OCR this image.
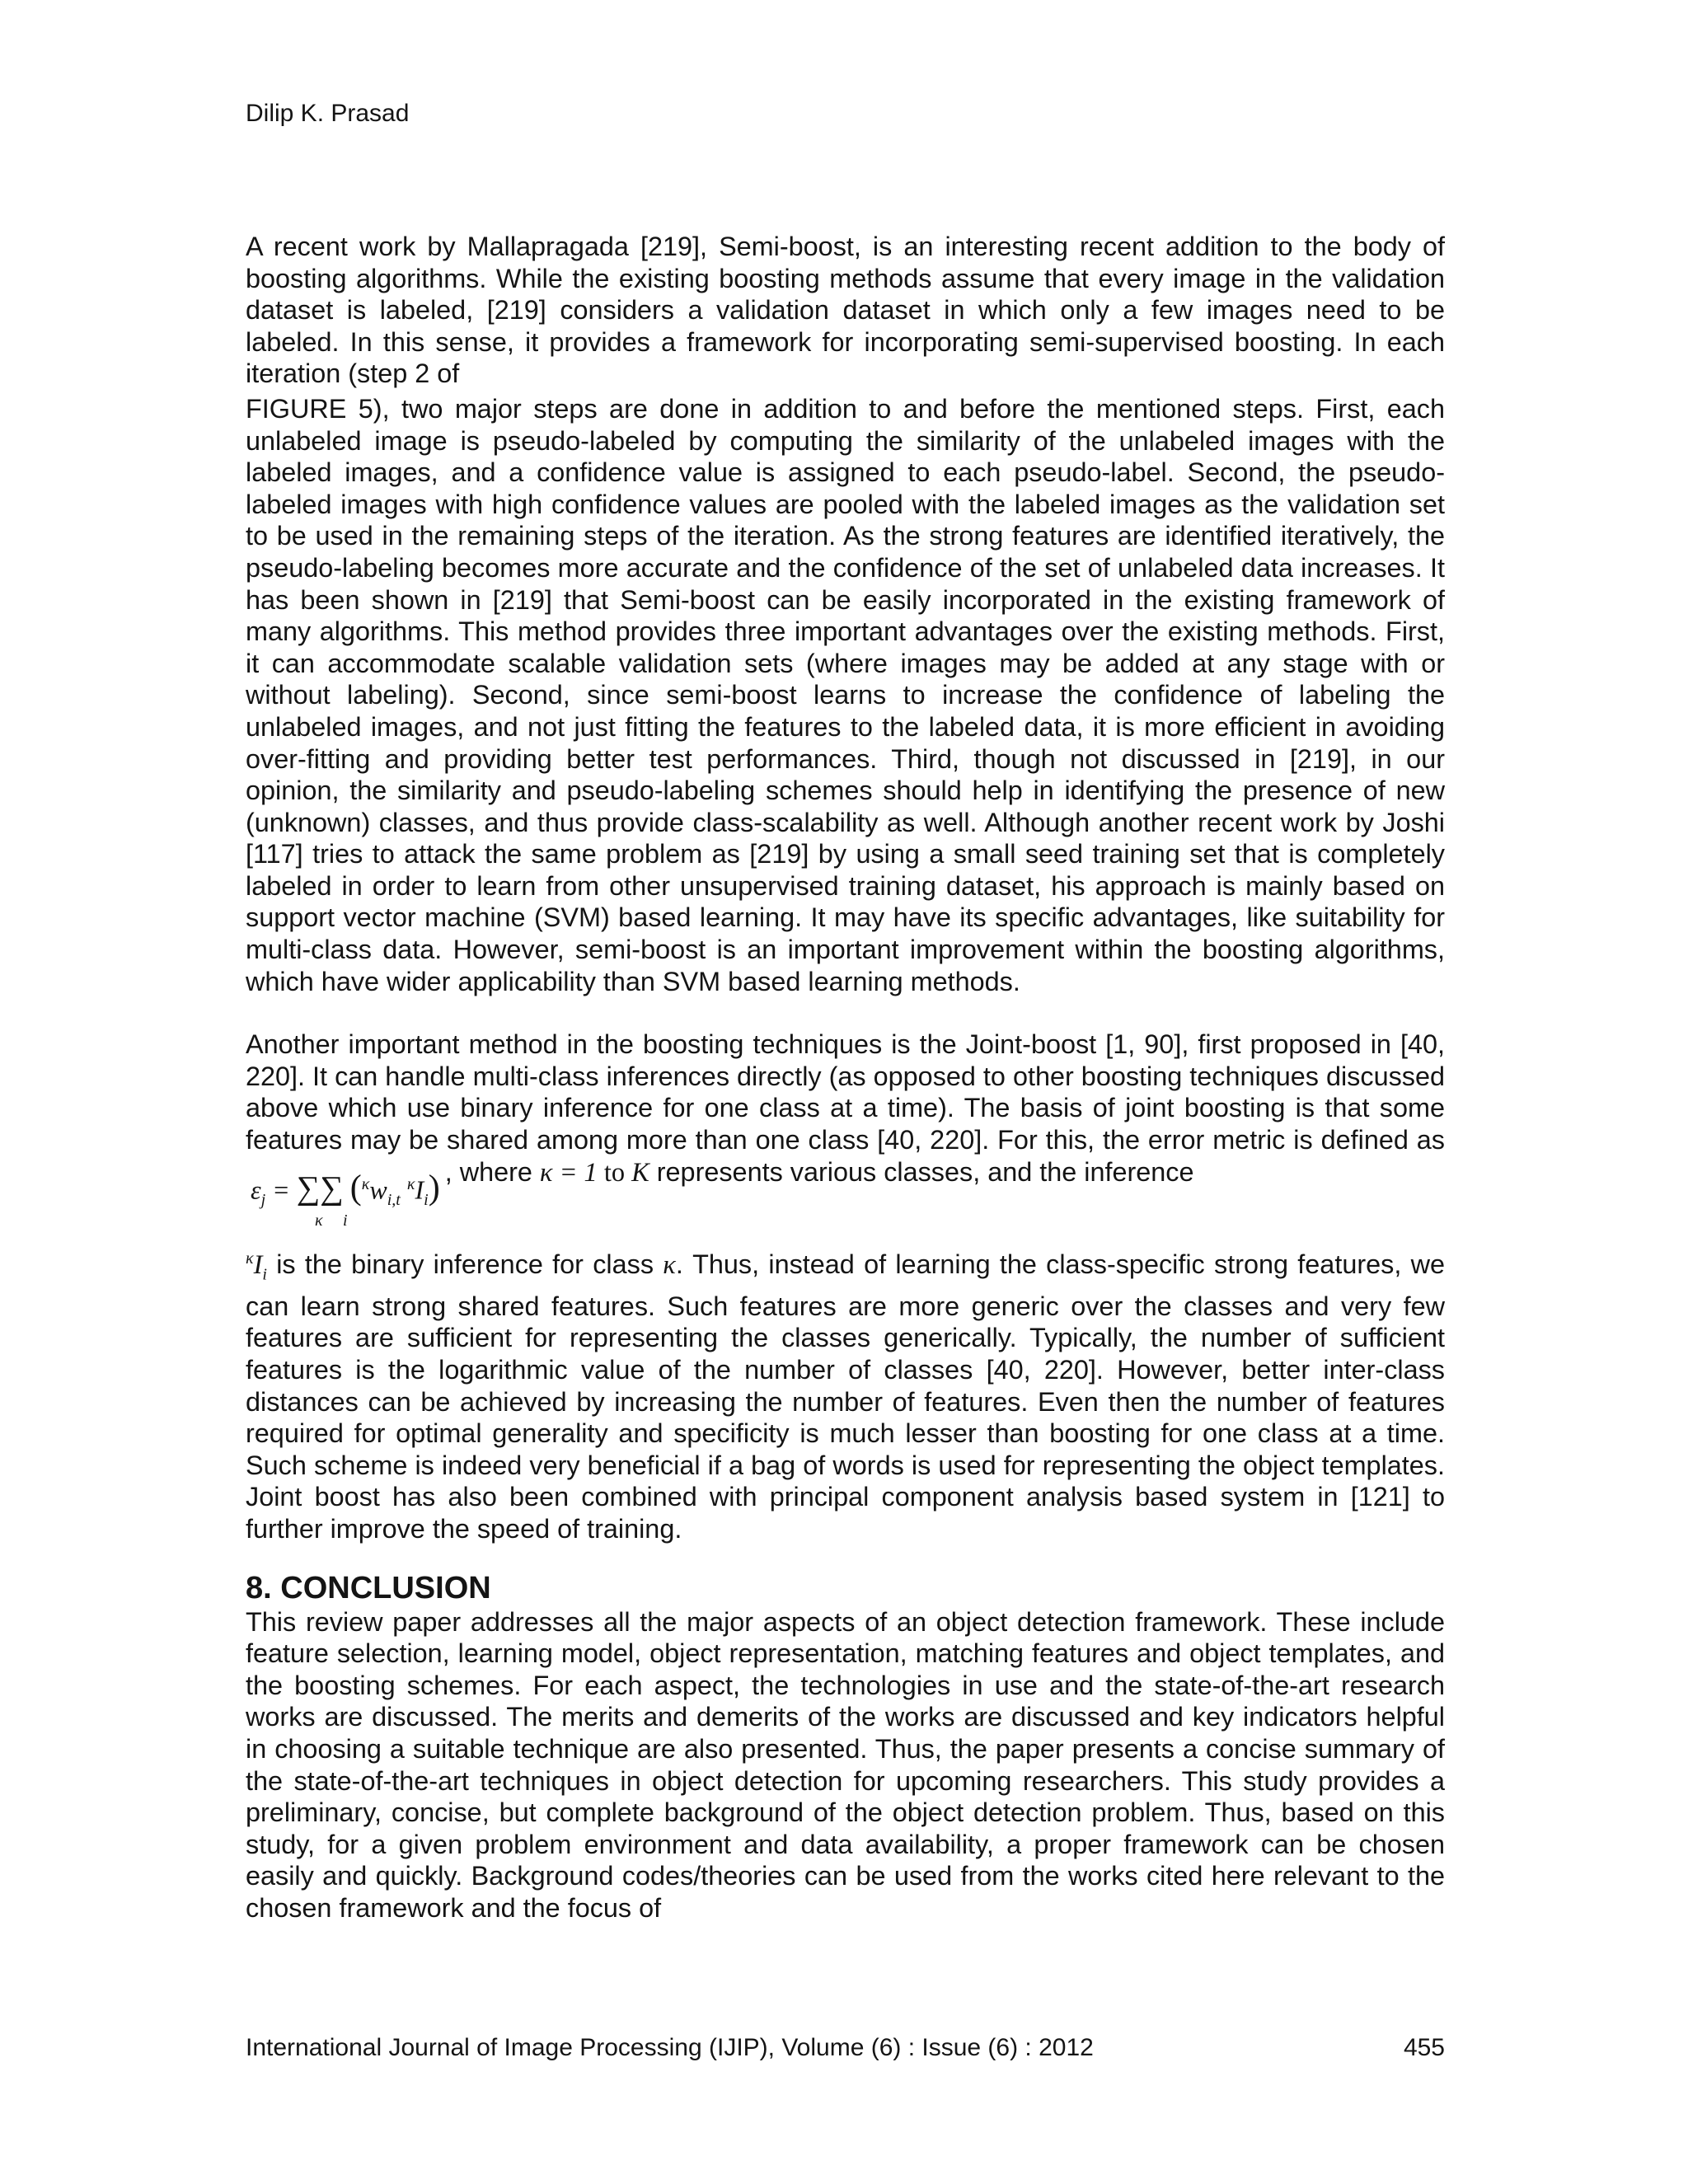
Dilip K. Prasad

A recent work by Mallapragada [219], Semi-boost, is an interesting recent addition to the body of boosting algorithms. While the existing boosting methods assume that every image in the validation dataset is labeled, [219] considers a validation dataset in which only a few images need to be labeled. In this sense, it provides a framework for incorporating semi-supervised boosting. In each iteration (step 2 of

FIGURE 5), two major steps are done in addition to and before the mentioned steps. First, each unlabeled image is pseudo-labeled by computing the similarity of the unlabeled images with the labeled images, and a confidence value is assigned to each pseudo-label. Second, the pseudo-labeled images with high confidence values are pooled with the labeled images as the validation set to be used in the remaining steps of the iteration. As the strong features are identified iteratively, the pseudo-labeling becomes more accurate and the confidence of the set of unlabeled data increases. It has been shown in [219] that Semi-boost can be easily incorporated in the existing framework of many algorithms. This method provides three important advantages over the existing methods. First, it can accommodate scalable validation sets (where images may be added at any stage with or without labeling). Second, since semi-boost learns to increase the confidence of labeling the unlabeled images, and not just fitting the features to the labeled data, it is more efficient in avoiding over-fitting and providing better test performances. Third, though not discussed in [219], in our opinion, the similarity and pseudo-labeling schemes should help in identifying the presence of new (unknown) classes, and thus provide class-scalability as well. Although another recent work by Joshi [117] tries to attack the same problem as [219] by using a small seed training set that is completely labeled in order to learn from other unsupervised training dataset, his approach is mainly based on support vector machine (SVM) based learning. It may have its specific advantages, like suitability for multi-class data. However, semi-boost is an important improvement within the boosting algorithms, which have wider applicability than SVM based learning methods.

Another important method in the boosting techniques is the Joint-boost [1, 90], first proposed in [40, 220]. It can handle multi-class inferences directly (as opposed to other boosting techniques discussed above which use binary inference for one class at a time). The basis of joint boosting is that some features may be shared among more than one class [40, 220]. For this, the error metric is defined as $\varepsilon_j$ = ∑∑ ($^\kappa w_{i,t}$ $^\kappa I_i$)
κ i
, where κ = 1 to K represents various classes, and the inference

$^\kappa I_i$ is the binary inference for class κ. Thus, instead of learning the class-specific strong features, we can learn strong shared features. Such features are more generic over the classes and very few features are sufficient for representing the classes generically. Typically, the number of sufficient features is the logarithmic value of the number of classes [40, 220]. However, better inter-class distances can be achieved by increasing the number of features. Even then the number of features required for optimal generality and specificity is much lesser than boosting for one class at a time. Such scheme is indeed very beneficial if a bag of words is used for representing the object templates. Joint boost has also been combined with principal component analysis based system in [121] to further improve the speed of training.

8. CONCLUSION

This review paper addresses all the major aspects of an object detection framework. These include feature selection, learning model, object representation, matching features and object templates, and the boosting schemes. For each aspect, the technologies in use and the state-of-the-art research works are discussed. The merits and demerits of the works are discussed and key indicators helpful in choosing a suitable technique are also presented. Thus, the paper presents a concise summary of the state-of-the-art techniques in object detection for upcoming researchers. This study provides a preliminary, concise, but complete background of the object detection problem. Thus, based on this study, for a given problem environment and data availability, a proper framework can be chosen easily and quickly. Background codes/theories can be used from the works cited here relevant to the chosen framework and the focus of

International Journal of Image Processing (IJIP), Volume (6) : Issue (6) : 2012	455
